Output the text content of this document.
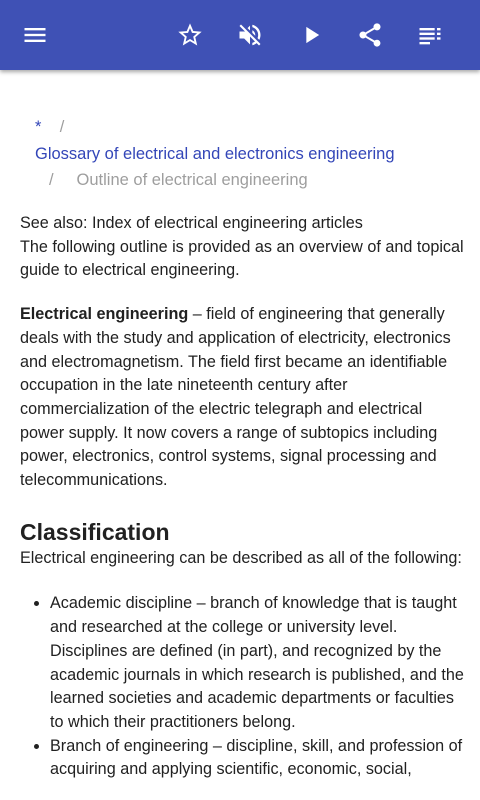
* /
Glossary of electrical and electronics engineering
/ Outline of electrical engineering

See also: Index of electrical engineering articles

The following outline is provided as an overview of and topical guide to electrical engineering.

Electrical engineering – field of engineering that generally deals with the study and application of electricity, electronics and electromagnetism. The field first became an identifiable occupation in the late nineteenth century after commercialization of the electric telegraph and electrical power supply. It now covers a range of subtopics including power, electronics, control systems, signal processing and telecommunications.

Classification

Electrical engineering can be described as all of the following:

• Academic discipline – branch of knowledge that is taught and researched at the college or university level. Disciplines are defined (in part), and recognized by the academic journals in which research is published, and the learned societies and academic departments or faculties to which their practitioners belong.
• Branch of engineering – discipline, skill, and profession of acquiring and applying scientific, economic, social,
